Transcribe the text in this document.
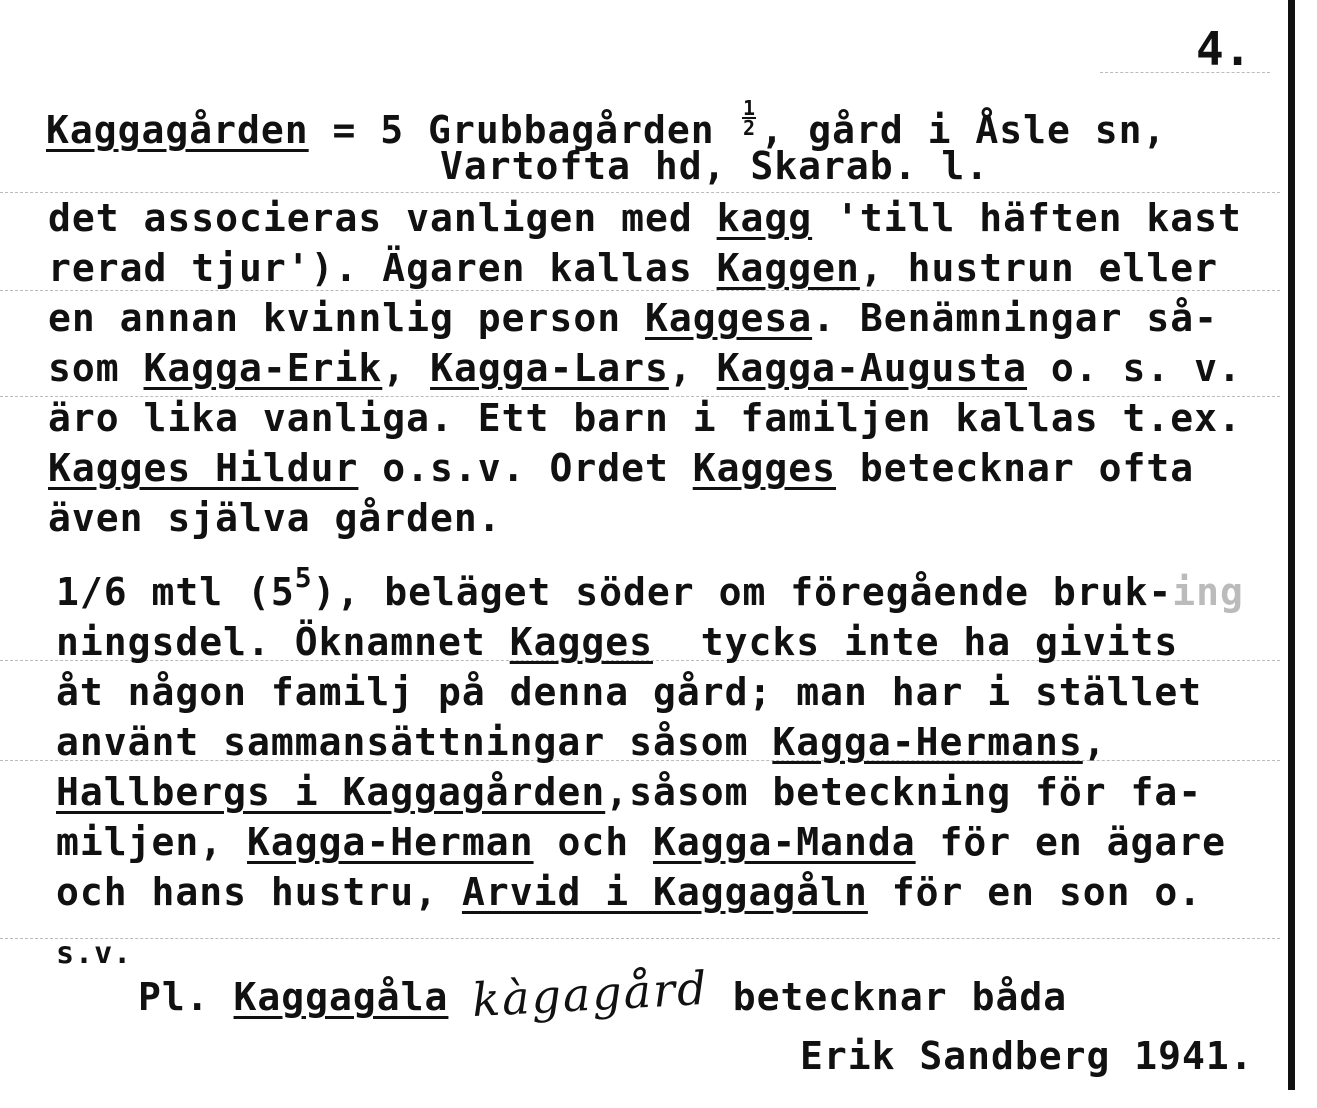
4.
Kaggagården = 5 Grubbagården $\frac{1}{2}$ , gård i Åsle sn,
Vartofta hd, Skarab. l.
det associeras vanligen med kagg 'till häften kast
rerad tjur'). Ägaren kallas Kaggen, hustrun eller
en annan kvinnlig person Kaggesa. Benämningar så-
som Kagga-Erik, Kagga-Lars, Kagga-Augusta o. s. v.
äro lika vanliga. Ett barn i familjen kallas t.ex.
Kagges Hildur o.s.v. Ordet Kagges betecknar ofta
även själva gården.
1/6 mtl $(5^5)$, beläget söder om föregående bruk-ing
ningsdel. Öknamnet Kagges  tycks inte ha givits
åt någon familj på denna gård; man har i stället
använt sammansättningar såsom Kagga-Hermans,
Hallbergs i Kaggagården,såsom beteckning för fa-
miljen, Kagga-Herman och Kagga-Manda för en ägare
och hans hustru, Arvid i Kaggagåln för en son o.
s.v.
Pl. Kaggagåla kàgagård betecknar båda
Erik Sandberg 1941.
